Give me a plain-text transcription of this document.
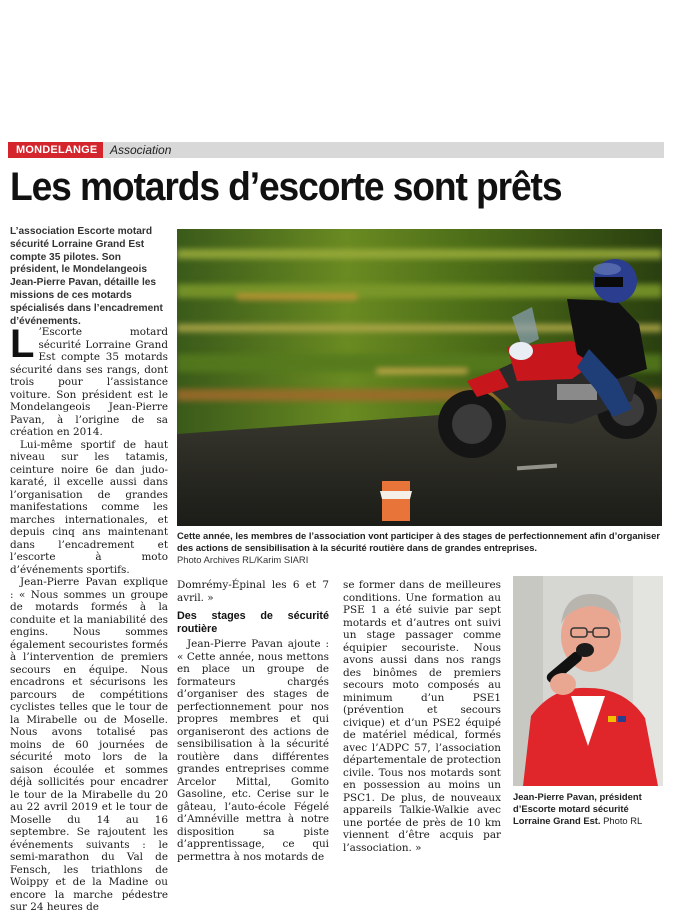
MONDELANGE	Association
Les motards d’escorte sont prêts
L’association Escorte motard sécurité Lorraine Grand Est compte 35 pilotes. Son président, le Mondelangeois Jean-Pierre Pavan, détaille les missions de ces motards spécialisés dans l’encadrement d’événements.
Cette année, les membres de l’association vont participer à des stages de perfectionnement afin d’organiser des actions de sensibilisation à la sécurité routière dans de grandes entreprises.
Photo Archives RL/Karim SIARI

L ’Escorte motard sécurité Lorraine Grand Est compte 35 motards sécurité dans ses rangs, dont trois pour l’assistance voiture. Son président est le Mondelangeois Jean-Pierre Pavan, à l’origine de sa création en 2014.

Lui-même sportif de haut niveau sur les tatamis, ceinture noire 6e dan judo-karaté, il excelle aussi dans l’organisation de grandes manifestations comme les marches internationales, et depuis cinq ans maintenant dans l’encadrement et l’escorte à moto d’événements sportifs.

Jean-Pierre Pavan explique : « Nous sommes un groupe de motards formés à la conduite et la maniabilité des engins. Nous sommes également secouristes formés à l’intervention de premiers secours en équipe. Nous encadrons et sécurisons les parcours de compétitions cyclistes telles que le tour de la Mirabelle ou de Moselle. Nous avons totalisé pas moins de 60 journées de sécurité moto lors de la saison écoulée et sommes déjà sollicités pour encadrer le tour de la Mirabelle du 20 au 22 avril 2019 et le tour de Moselle du 14 au 16 septembre. Se rajoutent les événements suivants : le semi-marathon du Val de Fensch, les triathlons de Woippy et de la Madine ou encore la marche pédestre sur 24 heures de

Domrémy-Épinal les 6 et 7 avril. »

Des stages de sécurité routière

Jean-Pierre Pavan ajoute : « Cette année, nous mettons en place un groupe de formateurs chargés d’organiser des stages de perfectionnement pour nos propres membres et qui organiseront des actions de sensibilisation à la sécurité routière dans différentes grandes entreprises comme Arcelor Mittal, Gomito Gasoline, etc. Cerise sur le gâteau, l’auto-école Fégelé d’Amnéville mettra à notre disposition sa piste d’apprentissage, ce qui permettra à nos motards de

se former dans de meilleures conditions. Une formation au PSE 1 a été suivie par sept motards et d’autres ont suivi un stage passager comme équipier secouriste. Nous avons aussi dans nos rangs des binômes de premiers secours moto composés au minimum d’un PSE1 (prévention et secours civique) et d’un PSE2 équipé de matériel médical, formés avec l’ADPC 57, l’association départementale de protection civile. Tous nos motards sont en possession au moins un PSC1. De plus, de nouveaux appareils Talkie-Walkie avec une portée de près de 10 km viennent d’être acquis par l’association. »

Jean-Pierre Pavan, président d’Escorte motard sécurité Lorraine Grand Est. Photo RL
